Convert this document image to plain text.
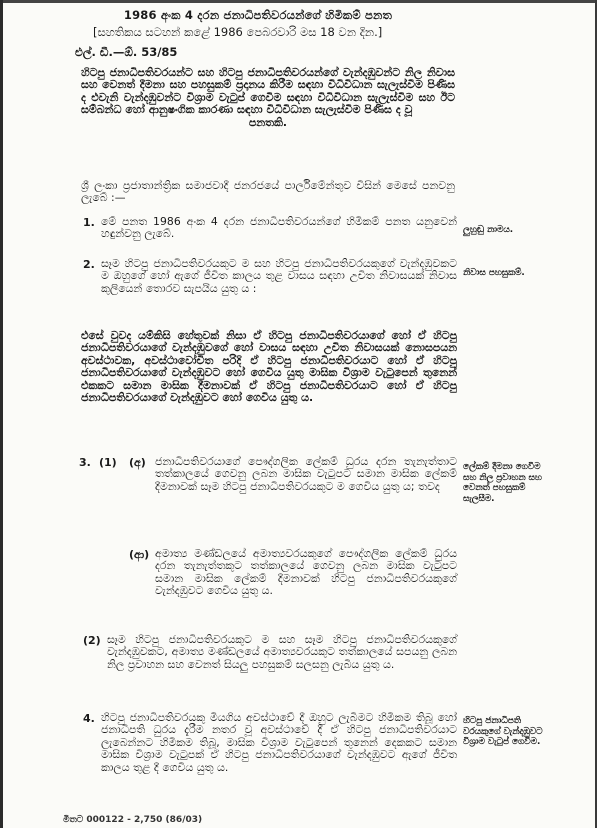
1986 අංක 4 දරන ජනාධිපතිවරයන්ගේ හිමිකම් පනත
[සහතිකය සටහන් කළේ 1986 පෙබරවාරි මස 18 වන දින.]
එල්. ඩී.—ඕ. 53/85
හිටපු ජනාධිපතිවරයන්ට සහ හිටපු ජනාධිපතිවරයන්ගේ වැන්දඹුවන්ට නිල නිවාස සහ වෙනත් දීමනා සහ පහසුකම් ප්‍රදානය කිරීම සඳහා විධිවිධාන සැලැස්වීම පිණිස ද එවැනි වැන්දඹුවන්ට විශ්‍රාම වැටුප් ගෙවීම සඳහා විධිවිධාන සැලැස්වීම සහ ඊට සම්බන්ධ හෝ ආනුෂංගික කාරණා සඳහා විධිවිධාන සැලැස්වීම පිණිස ද වූ
පනතකි.
ශ්‍රී ලංකා ප්‍රජාතාන්ත්‍රික සමාජවාදී ජනරජයේ පාර්ලිමේන්තුව විසින් මෙසේ පනවනු ලැබේ :—
1. මේ පනත 1986 අංක 4 දරන ජනාධිපතිවරයන්ගේ හිමිකම් පනත යනුවෙන් හඳුන්වනු ලැබේ.	ලුහුඬු නාමය.
2. සෑම හිටපු ජනාධිපතිවරයකුට ම සහ හිටපු ජනාධිපතිවරයකුගේ වැන්දඹුවකට ම ඔහුගේ හෝ ඇගේ ජීවිත කාලය තුළ වාසය සඳහා උචිත නිවාසයක් නිවාස කුලියෙන් තොරව සැපයිය යුතු ය :
නිවාස පහසුකම්.
එසේ වුවද යම්කිසි හේතුවක් නිසා ඒ හිටපු ජනාධිපතිවරයාගේ හෝ ඒ හිටපු ජනාධිපතිවරයාගේ වැන්දඹුවගේ හෝ වාසය සඳහා උචිත නිවාසයක් නොසපයන අවස්ථාවක, අවස්ථාවෝචිත පරිදි ඒ හිටපු ජනාධිපතිවරයාට හෝ ඒ හිටපු ජනාධිපතිවරයාගේ වැන්දඹුවට හෝ ගෙවිය යුතු මාසික විශ්‍රාම වැටුපෙන් තුනෙන් එකකට සමාන මාසික දීමනාවක් ඒ හිටපු ජනාධිපතිවරයාට හෝ ඒ හිටපු ජනාධිපතිවරයාගේ වැන්දඹුවට හෝ ගෙවිය යුතු ය.
3. (1) (අ) ජනාධිපතිවරයාගේ පෞද්ගලික ලේකම් ධුරය දරන තැනැත්තාට තත්කාලයේ ගෙවනු ලබන මාසික වැටුපට සමාන මාසික ලේකම් දීමනාවක් සෑම හිටපු ජනාධිපතිවරයකුට ම ගෙවිය යුතු ය; තවද
ලේකම් දීමනා ගෙවීම සහ නිල ප්‍රවාහන සහ වෙනත් පහසුකම් සැලසීම.
(ආ) අමාත්‍ය මණ්ඩලයේ අමාත්‍යවරයකුගේ පෞද්ගලික ලේකම් ධුරය දරන තැනැත්තකුට තත්කාලයේ ගෙවනු ලබන මාසික වැටුපට සමාන මාසික ලේකම් දීමනාවක් හිටපු ජනාධිපතිවරයකුගේ වැන්දඹුවට ගෙවිය යුතු ය.
(2) සෑම හිටපු ජනාධිපතිවරයකුට ම සහ සෑම හිටපු ජනාධිපතිවරයකුගේ වැන්දඹුවකට, අමාත්‍ය මණ්ඩලයේ අමාත්‍යවරයකුට තත්කාලයේ සපයනු ලබන නිල ප්‍රවාහන සහ වෙනත් සියලු පහසුකම් සලසනු ලැබිය යුතු ය.
4. හිටපු ජනාධිපතිවරයකු මියගිය අවස්ථාවේ දී ඔහුට ලැබීමට හිමිකම තිබූ හෝ ජනාධිපති ධුරය දැරීම නතර වූ අවස්ථාවේ දී ඒ හිටපු ජනාධිපතිවරයාට ලැබෙන්නට හිමිකම තිබූ, මාසික විශ්‍රාම වැටුපෙන් තුනෙන් දෙකකට සමාන මාසික විශ්‍රාම වැටුපක් ඒ හිටපු ජනාධිපතිවරයාගේ වැන්දඹුවට ඇගේ ජීවිත කාලය තුළ දී ගෙවිය යුතු ය.
හිටපු ජනාධිපති වරයකුගේ වැන්දඹුවට විශ්‍රාම වැටුප් ගෙවීම.
මිතට 000122 - 2,750 (86/03)
